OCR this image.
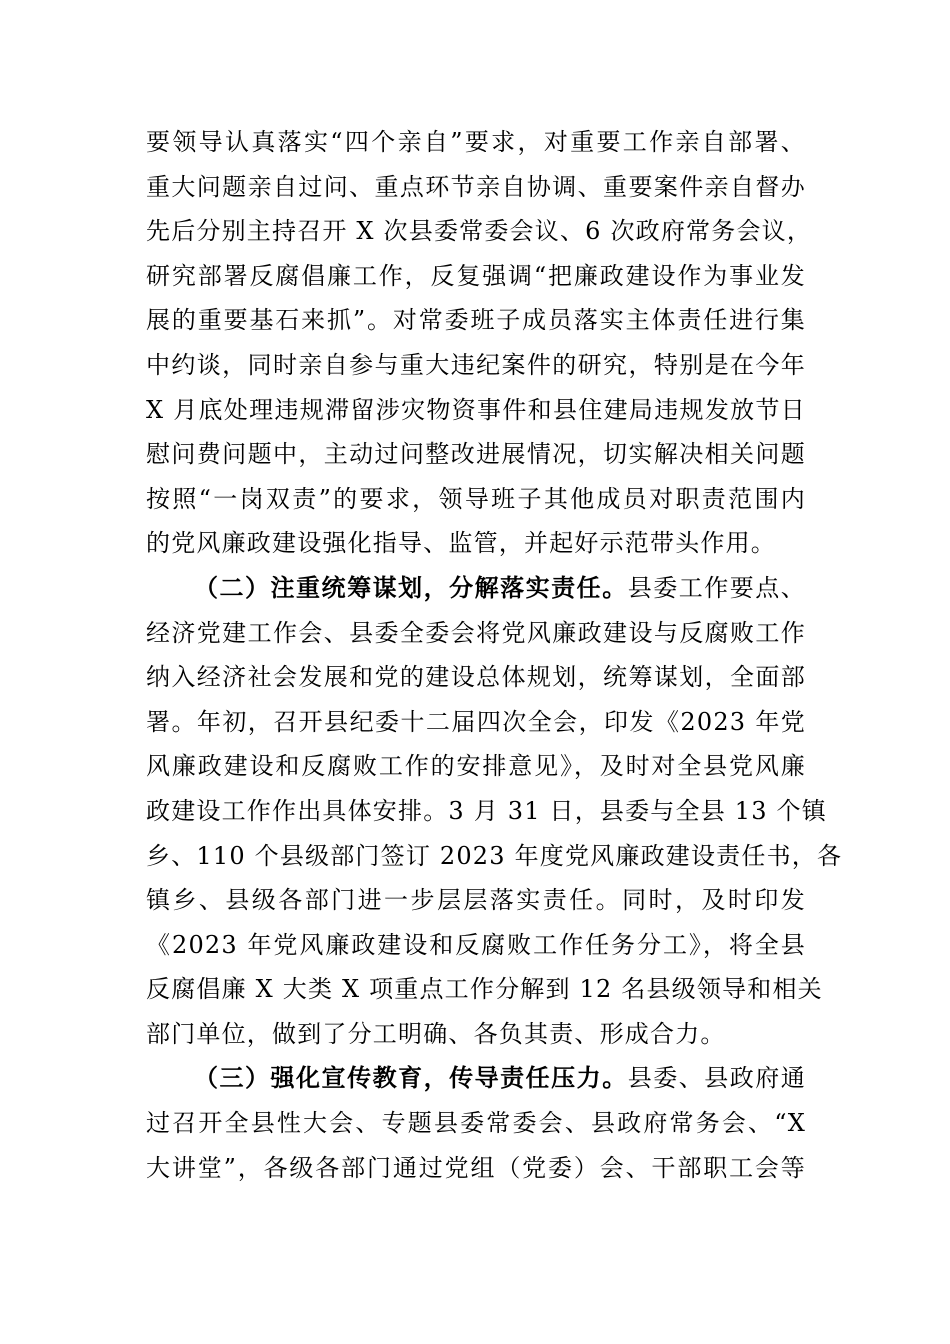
要领导认真落实“四个亲自”要求，对重要工作亲自部署、
重大问题亲自过问、重点环节亲自协调、重要案件亲自督办
先后分别主持召开 X 次县委常委会议、6 次政府常务会议，
研究部署反腐倡廉工作，反复强调“把廉政建设作为事业发
展的重要基石来抓”。对常委班子成员落实主体责任进行集
中约谈，同时亲自参与重大违纪案件的研究，特别是在今年
X 月底处理违规滞留涉灾物资事件和县住建局违规发放节日
慰问费问题中，主动过问整改进展情况，切实解决相关问题
按照“一岗双责”的要求，领导班子其他成员对职责范围内
的党风廉政建设强化指导、监管，并起好示范带头作用。
（二）注重统筹谋划，分解落实责任。县委工作要点、
经济党建工作会、县委全委会将党风廉政建设与反腐败工作
纳入经济社会发展和党的建设总体规划，统筹谋划，全面部
署。年初，召开县纪委十二届四次全会，印发《2023 年党
风廉政建设和反腐败工作的安排意见》，及时对全县党风廉
政建设工作作出具体安排。3 月 31 日，县委与全县 13 个镇
乡、110 个县级部门签订 2023 年度党风廉政建设责任书，各
镇乡、县级各部门进一步层层落实责任。同时，及时印发
《2023 年党风廉政建设和反腐败工作任务分工》，将全县
反腐倡廉 X 大类 X 项重点工作分解到 12 名县级领导和相关
部门单位，做到了分工明确、各负其责、形成合力。
（三）强化宣传教育，传导责任压力。县委、县政府通
过召开全县性大会、专题县委常委会、县政府常务会、“X
大讲堂”，各级各部门通过党组（党委）会、干部职工会等
